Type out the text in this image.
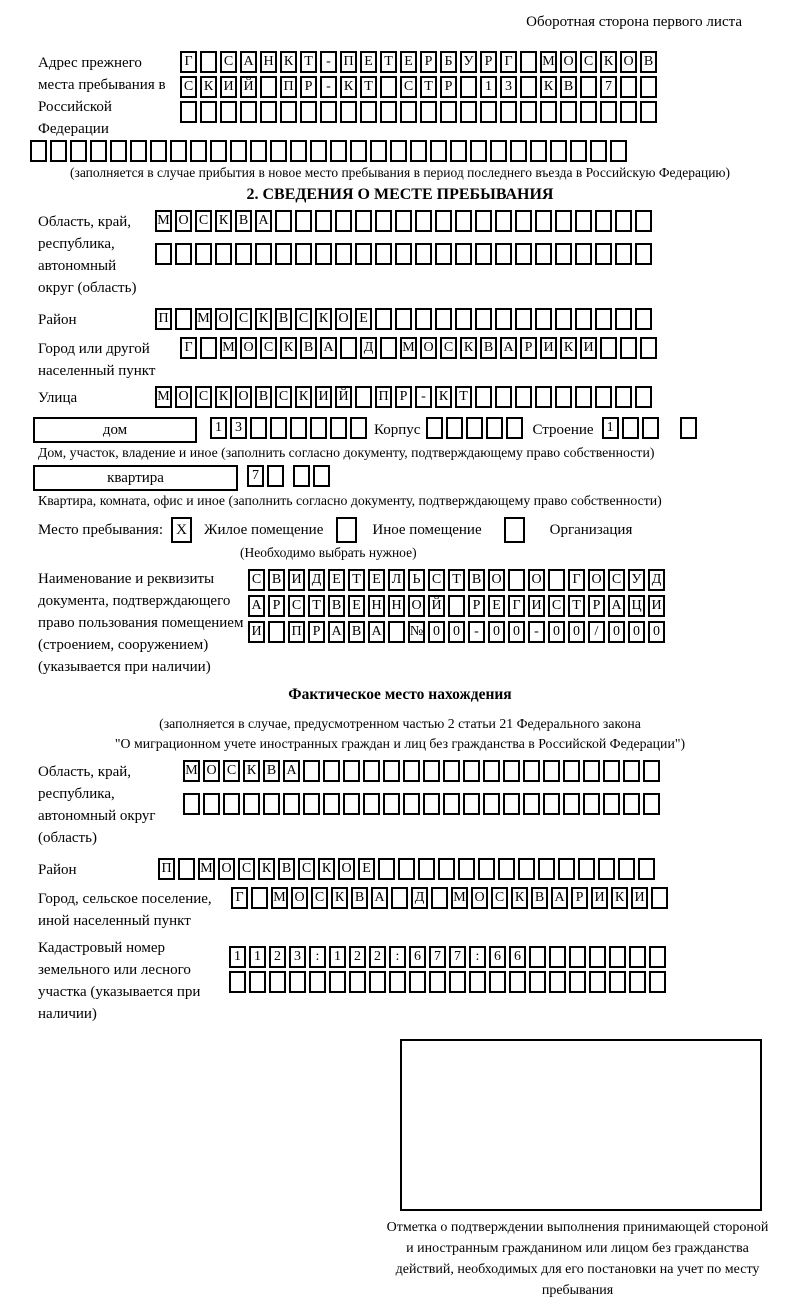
Оборотная сторона первого листа
Адрес прежнего места пребывания в Российской Федерации
Г	С А Н К Т - П Е Т Е Р Б У Р Г	М О С К О В
С К И Й П Р - К Т	С Т Р	1 3	К В	7
(заполняется в случае прибытия в новое место пребывания в период последнего въезда в Российскую Федерацию)
2. СВЕДЕНИЯ О МЕСТЕ ПРЕБЫВАНИЯ
Область, край, республика, автономный округ (область)
М О С К В А
Район	П М О С К В С К О Е
Город или другой населенный пункт
Г	М О С К В А Д М О С К В А Р И К И
Улица	М О С К О В С К И Й П Р - К Т
дом	1 3	Корпус	Строение 1
Дом, участок, владение и иное (заполнить согласно документу, подтверждающему право собственности)
квартира	7
Квартира, комната, офис и иное (заполнить согласно документу, подтверждающему право собственности)
Место пребывания: X	Жилое помещение	Иное помещение	Организация
(Необходимо выбрать нужное)
Наименование и реквизиты документа, подтверждающего право пользования помещением (строением, сооружением) (указывается при наличии)
С В И Д Е Т Е Л Ь С Т В О О	Г О С У Д
А Р С Т В Е Н Н О Й	Р Е Г И С Т Р А Ц И
И П Р А В А № 0 0	-	0 0	-	0 0	/	0 0 0
Фактическое место нахождения
(заполняется в случае, предусмотренном частью 2 статьи 21 Федерального закона
"О миграционном учете иностранных граждан и лиц без гражданства в Российской Федерации")
Область, край, республика, автономный округ (область)
М О С К В А
Район	П М О С К В С К О Е
Город, сельское поселение, иной населенный пункт
Г	М О С К В А Д М О С К В А Р И К И
Кадастровый номер земельного или лесного участка (указывается при наличии)
1 1 2 3	:	1 2 2	:	6 7 7	:	6 6
Отметка о подтверждении выполнения принимающей стороной и иностранным гражданином или лицом без гражданства действий, необходимых для его постановки на учет по месту пребывания
